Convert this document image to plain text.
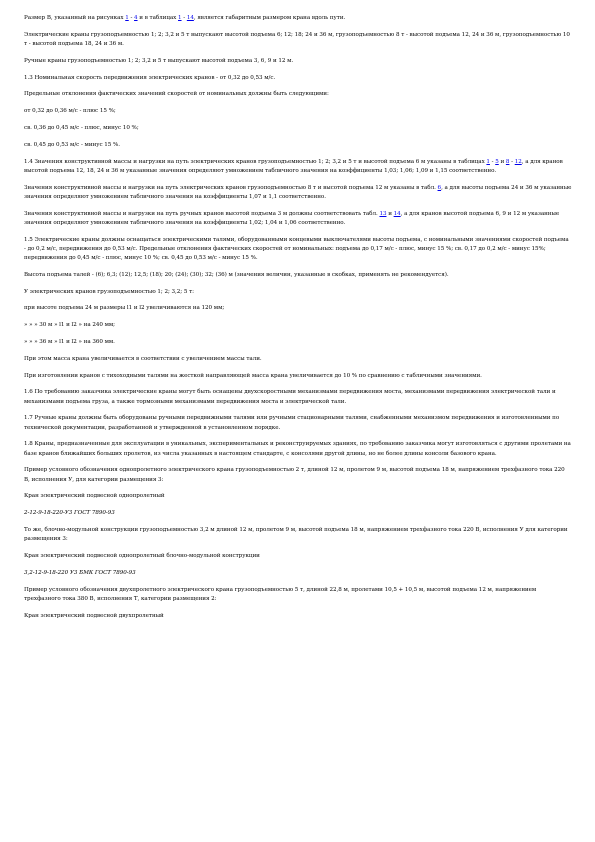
Размер B, указанный на рисунках 1 - 4 и в таблицах 1 - 14, является габаритным размером крана вдоль пути.

Электрические краны грузоподъемностью 1; 2; 3,2 и 5 т выпускают высотой подъема 6; 12; 18; 24 и 36 м, грузоподъемностью 8 т - высотой подъема 12, 24 и 36 м, грузоподъемностью 10 т - высотой подъема 18, 24 и 36 м.

Ручные краны грузоподъемностью 1; 2; 3,2 и 5 т выпускают высотой подъема 3, 6, 9 и 12 м.

1.3 Номинальная скорость передвижения электрических кранов - от 0,32 до 0,53 м/с.

Предельные отклонения фактических значений скоростей от номинальных должны быть следующими:

от 0,32 до 0,36 м/с - плюс 15 %;

св. 0,36 до 0,45 м/с - плюс, минус 10 %;

св. 0,45 до 0,53 м/с - минус 15 %.

1.4 Значения конструктивной массы и нагрузки на путь электрических кранов грузоподъемностью 1; 2; 3,2 и 5 т и высотой подъема 6 м указаны в таблицах 1 - 5 и 8 - 12, а для кранов высотой подъема 12, 18, 24 и 36 м указанные значения определяют умножением табличного значения на коэффициенты 1,03; 1,06; 1,09 и 1,15 соответственно.

Значения конструктивной массы и нагрузки на путь электрических кранов грузоподъемностью 8 т и высотой подъема 12 м указаны в табл. 6, а для высоты подъема 24 и 36 м указанные значения определяют умножением табличного значения на коэффициенты 1,07 и 1,1 соответственно.

Значения конструктивной массы и нагрузки на путь ручных кранов высотой подъема 3 м должны соответствовать табл. 13 и 14, а для кранов высотой подъема 6, 9 и 12 м указанные значения определяют умножением табличного значения на коэффициенты 1,02; 1,04 и 1,06 соответственно.

1.5 Электрические краны должны оснащаться электрическими талями, оборудованными концевыми выключателями высоты подъема, с номинальными значениями скоростей подъема - до 0,2 м/с, передвижения до 0,53 м/с. Предельные отклонения фактических скоростей от номинальных: подъема до 0,17 м/с - плюс, минус 15 %; св. 0,17 до 0,2 м/с - минус 15%; передвижения до 0,45 м/с - плюс, минус 10 %; св. 0,45 до 0,53 м/с - минус 15 %.

Высота подъема талей - (6); 6,3; (12); 12,5; (18); 20; (24); (30); 32; (36) м (значения величин, указанные в скобках, применять не рекомендуется).

У электрических кранов грузоподъемностью 1; 2; 3,2; 5 т:

при высоте подъема 24 м размеры l1 и l2 увеличиваются на 120 мм;

» » » 30 м » l1 и l2 » на 240 мм;

» » » 36 м » l1 и l2 » на 360 мм.

При этом масса крана увеличивается в соответствии с увеличением массы тали.

При изготовлении кранов с тихоходными талями на жесткой направляющей масса крана увеличивается до 10 % по сравнению с табличными значениями.

1.6 По требованию заказчика электрические краны могут быть оснащены двухскоростными механизмами передвижения моста, механизмами передвижения электрической тали и механизмами подъема груза, а также тормозными механизмами передвижения моста и электрической тали.

1.7 Ручные краны должны быть оборудованы ручными передвижными талями или ручными стационарными талями, снабженными механизмом передвижения и изготовленными по технической документации, разработанной и утвержденной в установленном порядке.

1.8 Краны, предназначенные для эксплуатации в уникальных, экспериментальных и реконструируемых зданиях, по требованию заказчика могут изготовляться с другими пролетами на базе кранов ближайших больших пролетов, из числа указанных в настоящем стандарте, с консолями другой длины, но не более длины консоли базового крана.

Пример условного обозначения однопролетного электрического крана грузоподъемностью 2 т, длиной 12 м, пролетом 9 м, высотой подъема 18 м, напряжением трехфазного тока 220 В, исполнения У, для категории размещения 3:

Кран электрический подвесной однопролетный

2-12-9-18-220-У3 ГОСТ 7890-93

То же, блочно-модульной конструкции грузоподъемностью 3,2 м длиной 12 м, пролетом 9 м, высотой подъема 18 м, напряжением трехфазного тока 220 В, исполнения У для категории размещения 3:

Кран электрический подвесной однопролетный блочно-модульной конструкции

3,2-12-9-18-220 У3 БМК ГОСТ 7890-93

Пример условного обозначения двухпролетного электрического крана грузоподъемностью 5 т, длиной 22,8 м, пролетами 10,5 + 10,5 м, высотой подъема 12 м, напряжением трехфазного тока 380 В, исполнения Т, категории размещения 2:

Кран электрический подвесной двухпролетный
